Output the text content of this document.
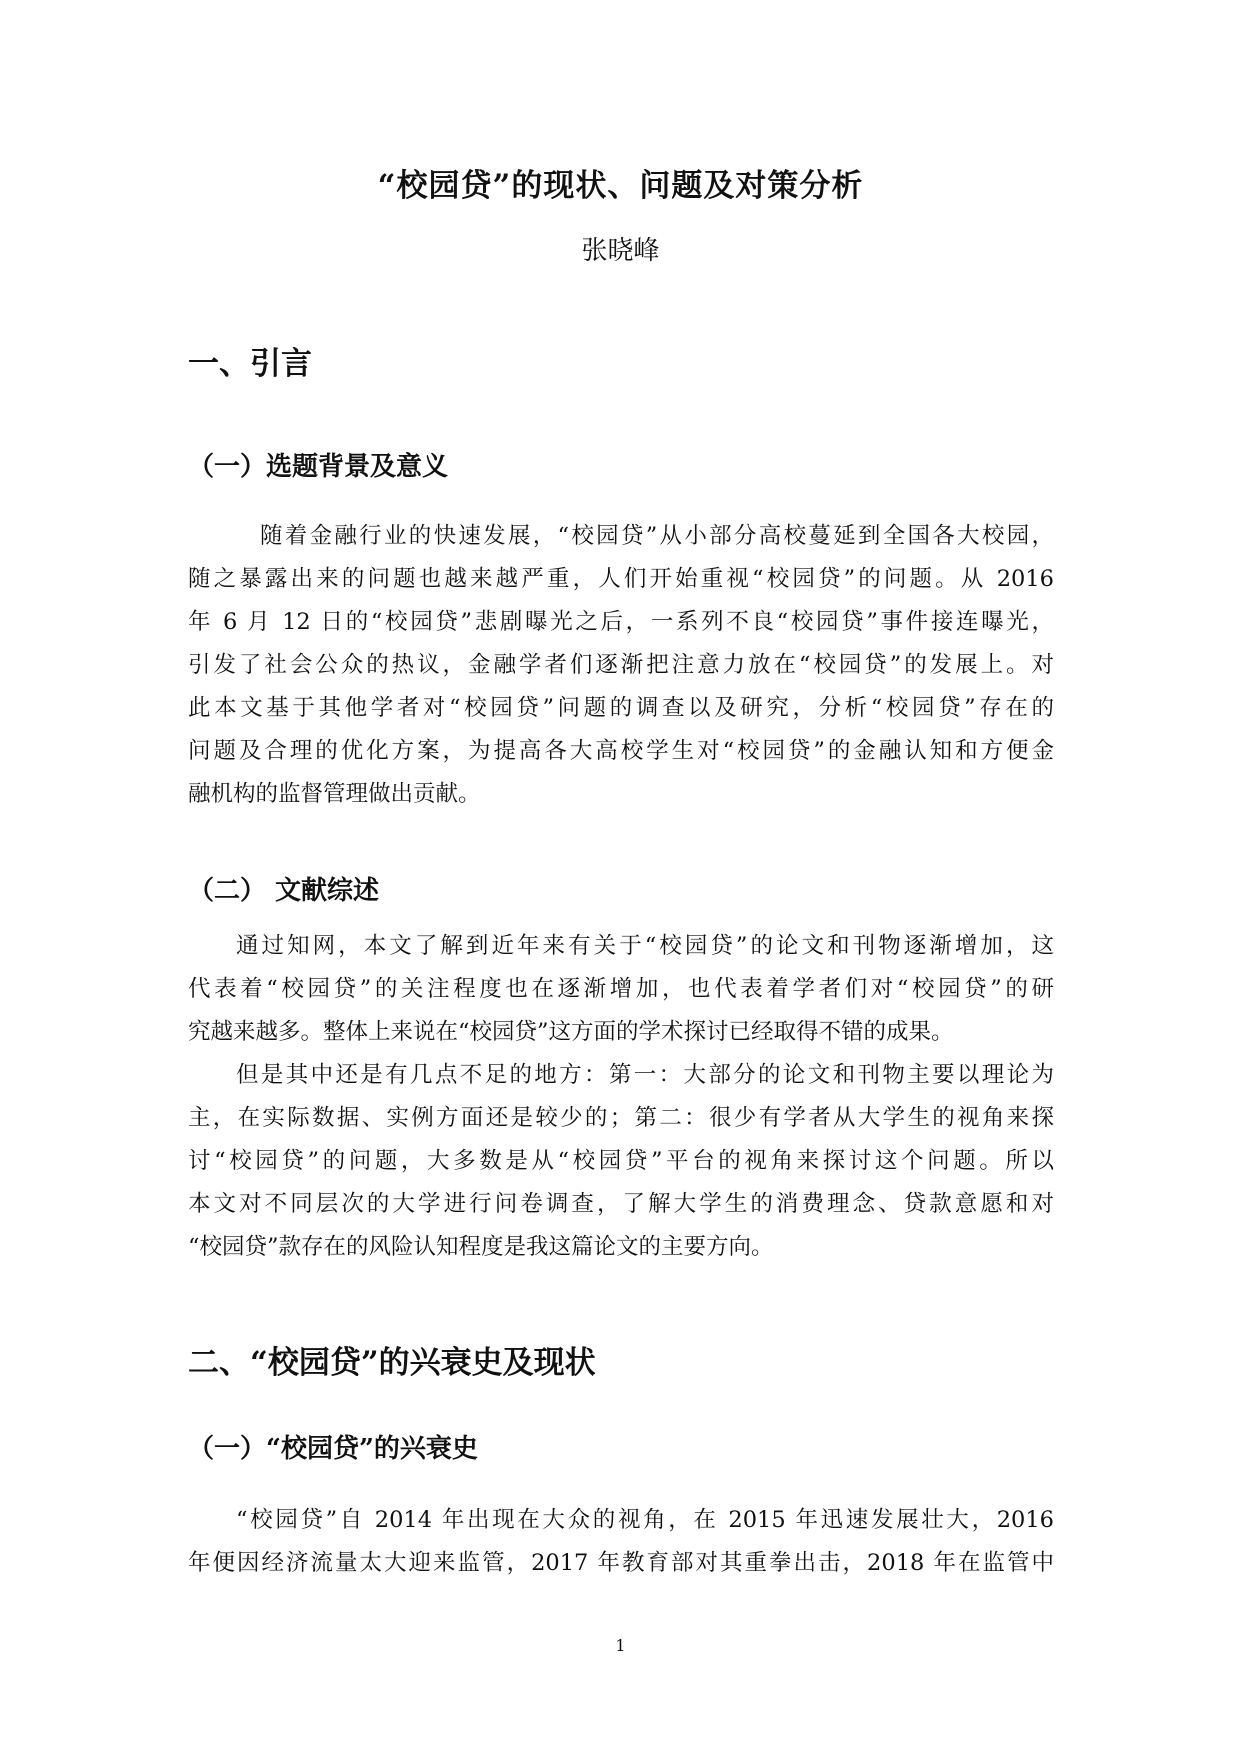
“校园贷”的现状、问题及对策分析

张晓峰

一、引言
（一）选题背景及意义
随着金融行业的快速发展，“校园贷”从小部分高校蔓延到全国各大校园，
随之暴露出来的问题也越来越严重，人们开始重视“校园贷”的问题。从 2016
年 6 月 12 日的“校园贷”悲剧曝光之后，一系列不良“校园贷”事件接连曝光，
引发了社会公众的热议，金融学者们逐渐把注意力放在“校园贷”的发展上。对
此本文基于其他学者对“校园贷”问题的调查以及研究，分析“校园贷”存在的
问题及合理的优化方案，为提高各大高校学生对“校园贷”的金融认知和方便金
融机构的监督管理做出贡献。
（二） 文献综述
通过知网，本文了解到近年来有关于“校园贷”的论文和刊物逐渐增加，这
代表着“校园贷”的关注程度也在逐渐增加，也代表着学者们对“校园贷”的研
究越来越多。整体上来说在“校园贷”这方面的学术探讨已经取得不错的成果。
但是其中还是有几点不足的地方：第一：大部分的论文和刊物主要以理论为
主，在实际数据、实例方面还是较少的；第二：很少有学者从大学生的视角来探
讨“校园贷”的问题，大多数是从“校园贷”平台的视角来探讨这个问题。所以
本文对不同层次的大学进行问卷调查，了解大学生的消费理念、贷款意愿和对
“校园贷”款存在的风险认知程度是我这篇论文的主要方向。
二、“校园贷”的兴衰史及现状
（一）“校园贷”的兴衰史
“校园贷”自 2014 年出现在大众的视角，在 2015 年迅速发展壮大，2016
年便因经济流量太大迎来监管，2017 年教育部对其重拳出击，2018 年在监管中

1
